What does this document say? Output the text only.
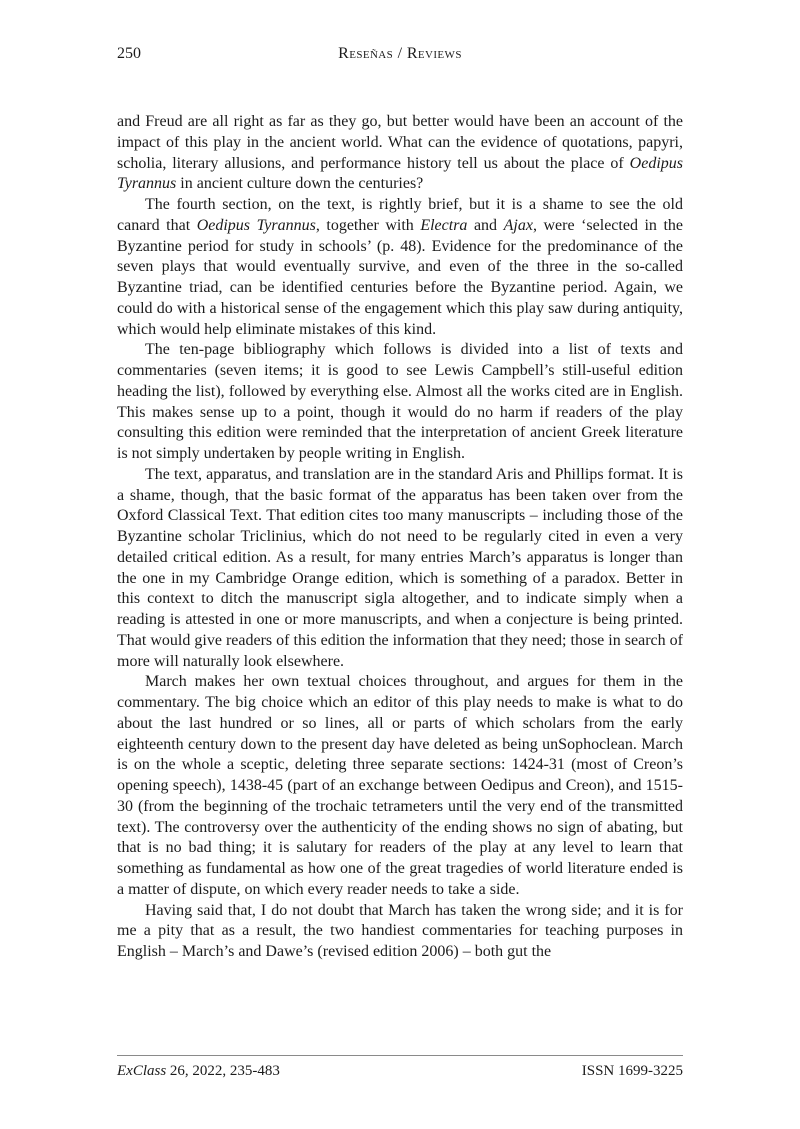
250	Reseñas / Reviews

and Freud are all right as far as they go, but better would have been an account of the impact of this play in the ancient world. What can the evidence of quotations, papyri, scholia, literary allusions, and performance history tell us about the place of Oedipus Tyrannus in ancient culture down the centuries?

The fourth section, on the text, is rightly brief, but it is a shame to see the old canard that Oedipus Tyrannus, together with Electra and Ajax, were ‘selected in the Byzantine period for study in schools’ (p. 48). Evidence for the predominance of the seven plays that would eventually survive, and even of the three in the so-called Byzantine triad, can be identified centuries before the Byzantine period. Again, we could do with a historical sense of the engagement which this play saw during antiquity, which would help eliminate mistakes of this kind.

The ten-page bibliography which follows is divided into a list of texts and commentaries (seven items; it is good to see Lewis Campbell’s still-useful edition heading the list), followed by everything else. Almost all the works cited are in English. This makes sense up to a point, though it would do no harm if readers of the play consulting this edition were reminded that the interpretation of ancient Greek literature is not simply undertaken by people writing in English.

The text, apparatus, and translation are in the standard Aris and Phillips format. It is a shame, though, that the basic format of the apparatus has been taken over from the Oxford Classical Text. That edition cites too many manuscripts – including those of the Byzantine scholar Triclinius, which do not need to be regularly cited in even a very detailed critical edition. As a result, for many entries March’s apparatus is longer than the one in my Cambridge Orange edition, which is something of a paradox. Better in this context to ditch the manuscript sigla altogether, and to indicate simply when a reading is attested in one or more manuscripts, and when a conjecture is being printed. That would give readers of this edition the information that they need; those in search of more will naturally look elsewhere.

March makes her own textual choices throughout, and argues for them in the commentary. The big choice which an editor of this play needs to make is what to do about the last hundred or so lines, all or parts of which scholars from the early eighteenth century down to the present day have deleted as being unSophoclean. March is on the whole a sceptic, deleting three separate sections: 1424-31 (most of Creon’s opening speech), 1438-45 (part of an exchange between Oedipus and Creon), and 1515-30 (from the beginning of the trochaic tetrameters until the very end of the transmitted text). The controversy over the authenticity of the ending shows no sign of abating, but that is no bad thing; it is salutary for readers of the play at any level to learn that something as fundamental as how one of the great tragedies of world literature ended is a matter of dispute, on which every reader needs to take a side.

Having said that, I do not doubt that March has taken the wrong side; and it is for me a pity that as a result, the two handiest commentaries for teaching purposes in English – March’s and Dawe’s (revised edition 2006) – both gut the

ExClass 26, 2022, 235-483	ISSN 1699-3225
